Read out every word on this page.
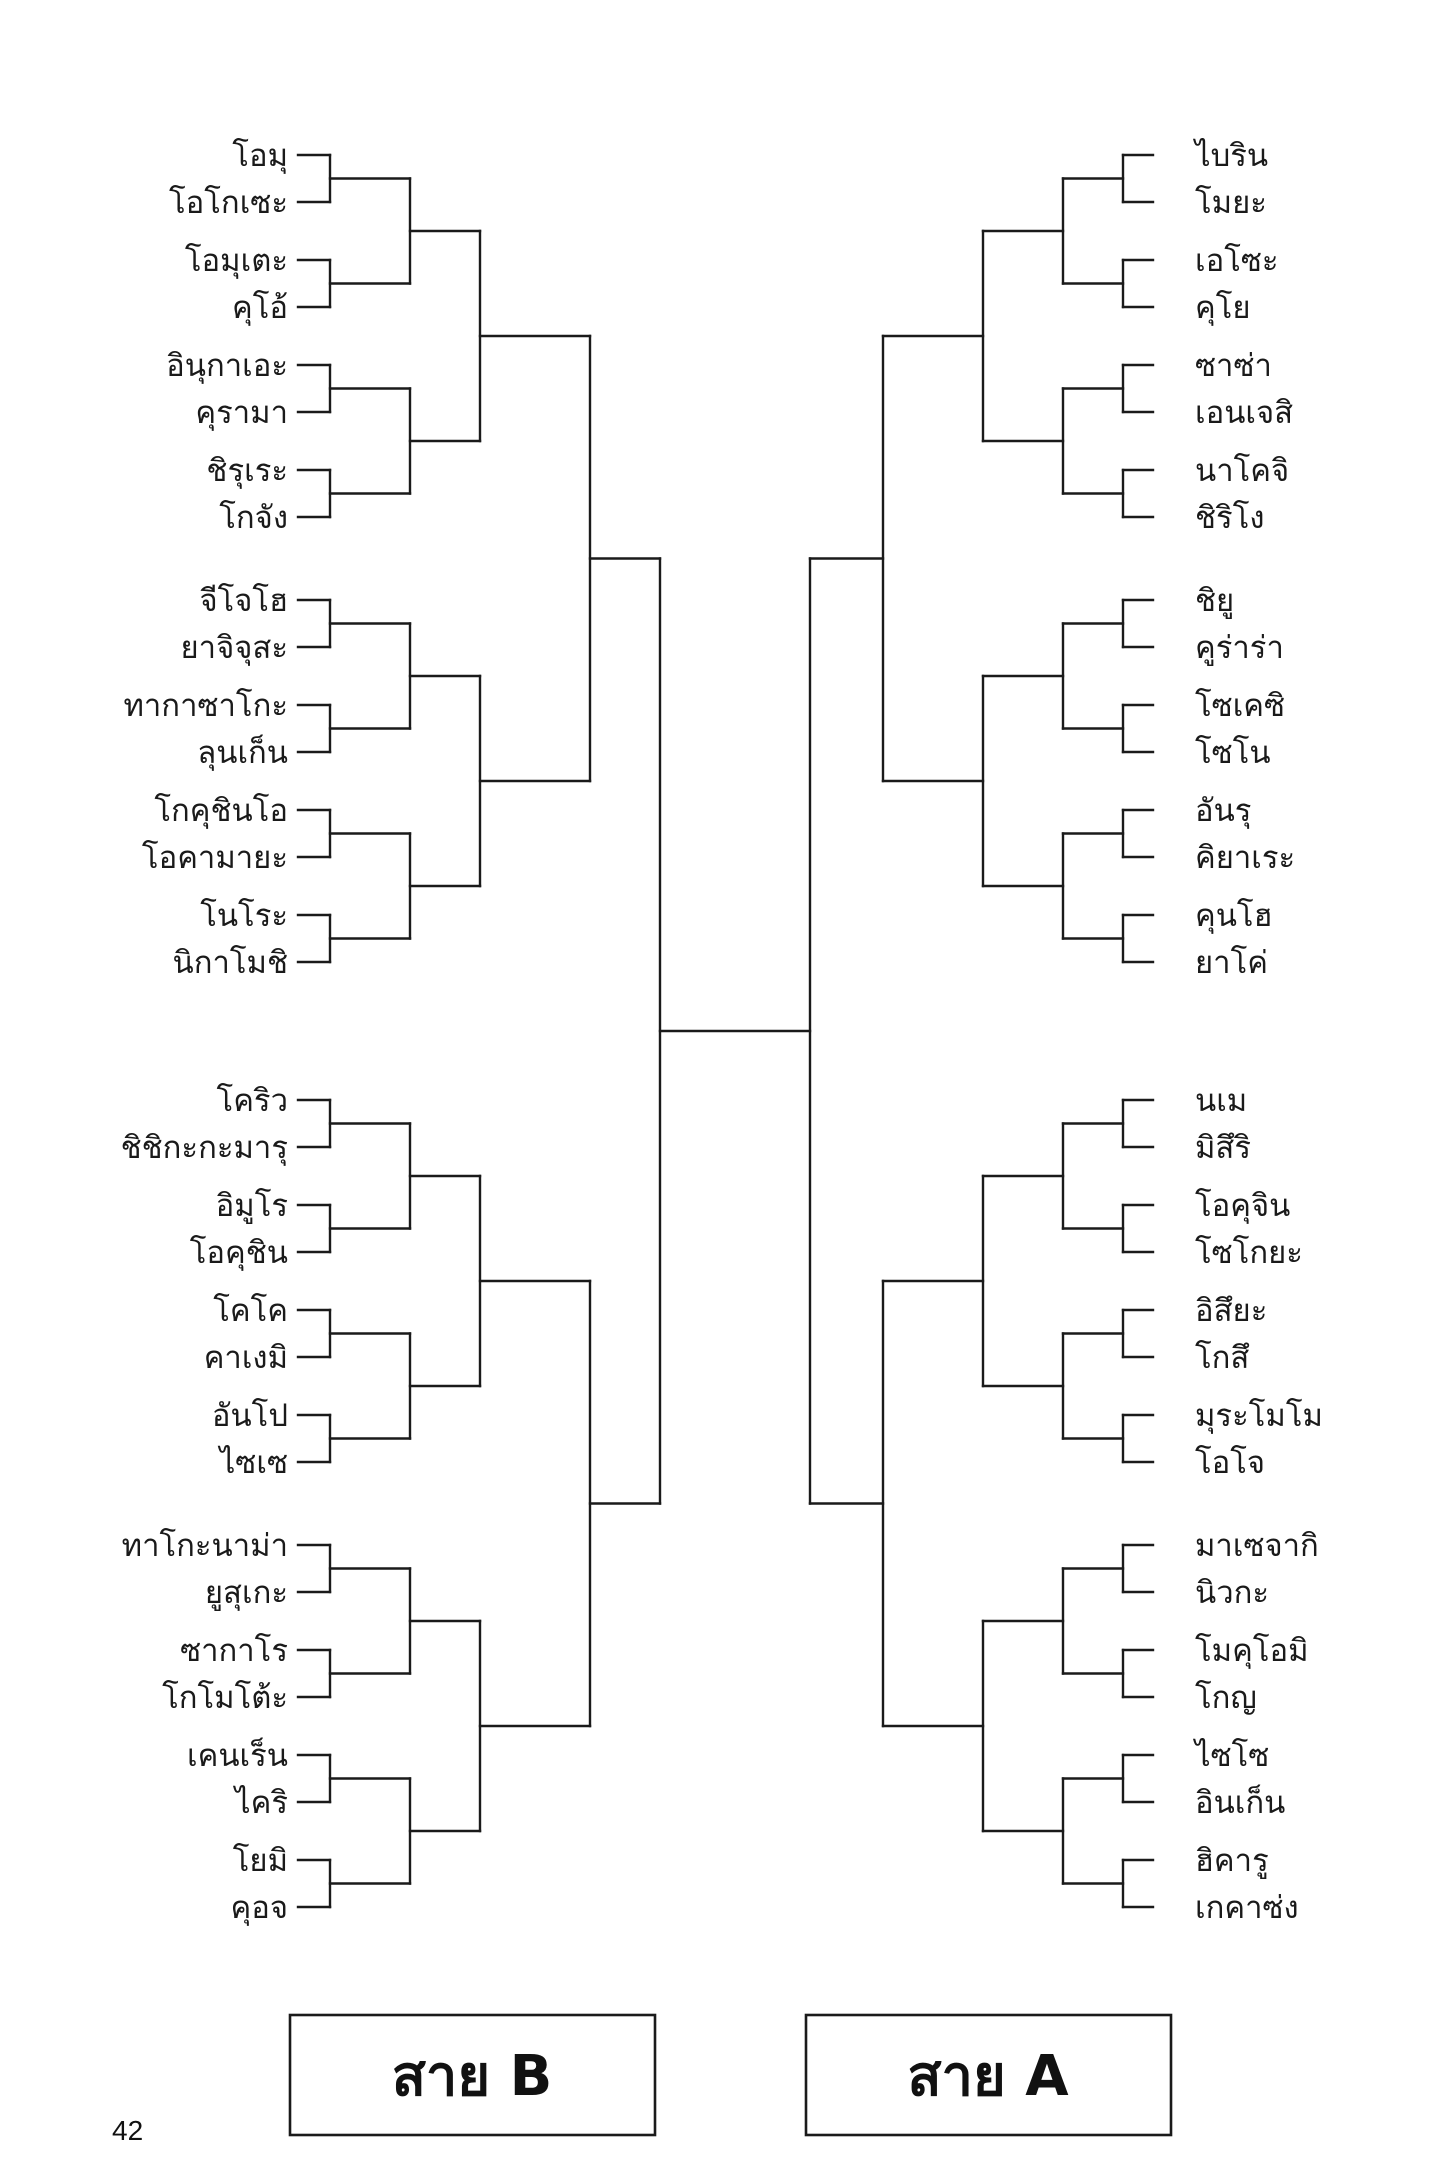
โอมุ
โอโกเซะ
โอมุเตะ
คุโอ้
อินุกาเอะ
คุรามา
ชิรุเระ
โกจัง
จีโจโฮ
ยาจิจุสะ
ทากาซาโกะ
ลุนเก็น
โกคุชินโอ
โอคามายะ
โนโระ
นิกาโมชิ
โคริว
ชิชิกะกะมารุ
อิมูโร
โอคุชิน
โคโค
คาเงมิ
อันโป
ไซเซ
ทาโกะนาม่า
ยูสุเกะ
ซากาโร
โกโมโต้ะ
เคนเร็น
ไคริ
โยมิ
คุอจ
ไบริน
โมยะ
เอโซะ
คุโย
ซาซ่า
เอนเจสิ
นาโคจิ
ชิริโง
ชิยู
คูร่าร่า
โซเคซิ
โซโน
อันรุ
คิยาเระ
คุนโฮ
ยาโค่
นเม
มิสึริ
โอคุจิน
โซโกยะ
อิสึยะ
โกสึ
มุระโมโม
โอโจ
มาเซจากิ
นิวกะ
โมคุโอมิ
โกญ
ไซโซ
อินเก็น
ฮิคารู
เกคาซ่ง
สาย B	สาย A
42
